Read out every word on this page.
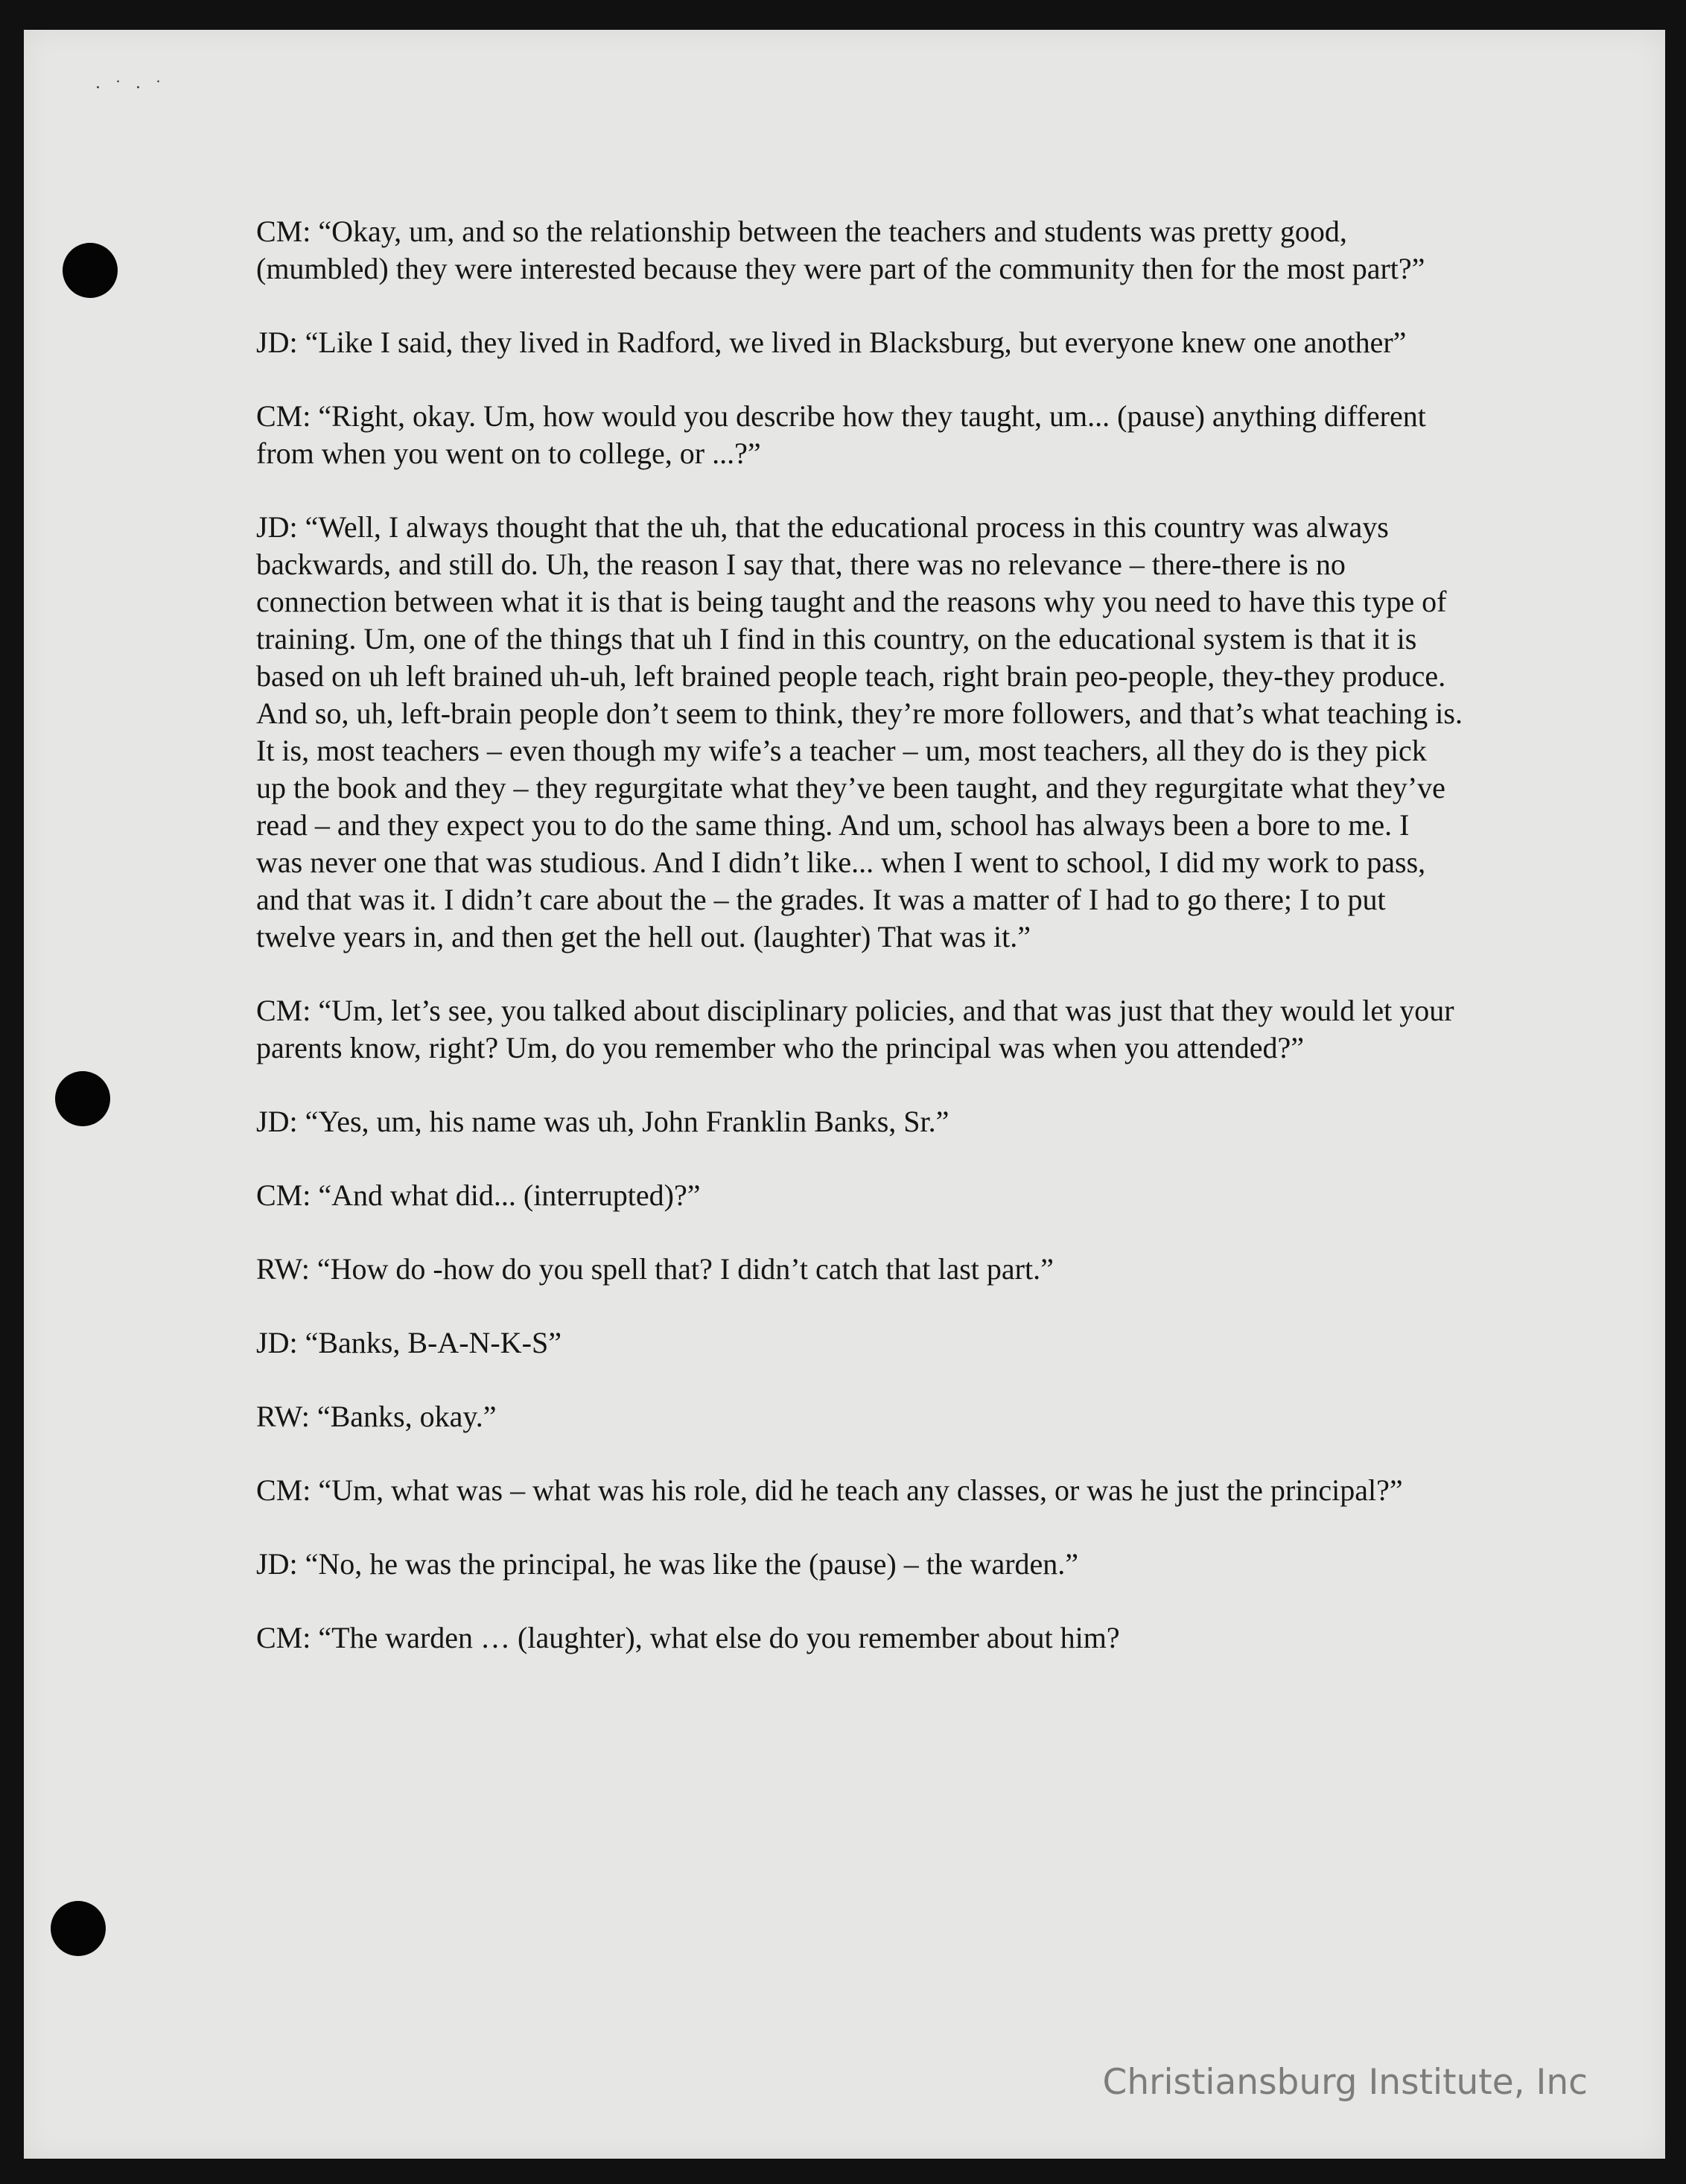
·˙·˙

CM: “Okay, um, and so the relationship between the teachers and students was pretty good, (mumbled) they were interested because they were part of the community then for the most part?”

JD: “Like I said, they lived in Radford, we lived in Blacksburg, but everyone knew one another”

CM: “Right, okay. Um, how would you describe how they taught, um... (pause) anything different from when you went on to college, or ...?”

JD: “Well, I always thought that the uh, that the educational process in this country was always backwards, and still do. Uh, the reason I say that, there was no relevance – there-there is no connection between what it is that is being taught and the reasons why you need to have this type of training. Um, one of the things that uh I find in this country, on the educational system is that it is based on uh left brained uh-uh, left brained people teach, right brain peo-people, they-they produce. And so, uh, left-brain people don’t seem to think, they’re more followers, and that’s what teaching is. It is, most teachers – even though my wife’s a teacher – um, most teachers, all they do is they pick up the book and they – they regurgitate what they’ve been taught, and they regurgitate what they’ve read – and they expect you to do the same thing. And um, school has always been a bore to me. I was never one that was studious. And I didn’t like... when I went to school, I did my work to pass, and that was it. I didn’t care about the – the grades. It was a matter of I had to go there; I to put twelve years in, and then get the hell out. (laughter) That was it.”

CM: “Um, let’s see, you talked about disciplinary policies, and that was just that they would let your parents know, right? Um, do you remember who the principal was when you attended?”

JD: “Yes, um, his name was uh, John Franklin Banks, Sr.”

CM: “And what did... (interrupted)?”

RW: “How do -how do you spell that? I didn’t catch that last part.”

JD: “Banks, B-A-N-K-S”

RW: “Banks, okay.”

CM: “Um, what was – what was his role, did he teach any classes, or was he just the principal?”

JD: “No, he was the principal, he was like the (pause) – the warden.”

CM: “The warden … (laughter), what else do you remember about him?

Christiansburg Institute, Inc
